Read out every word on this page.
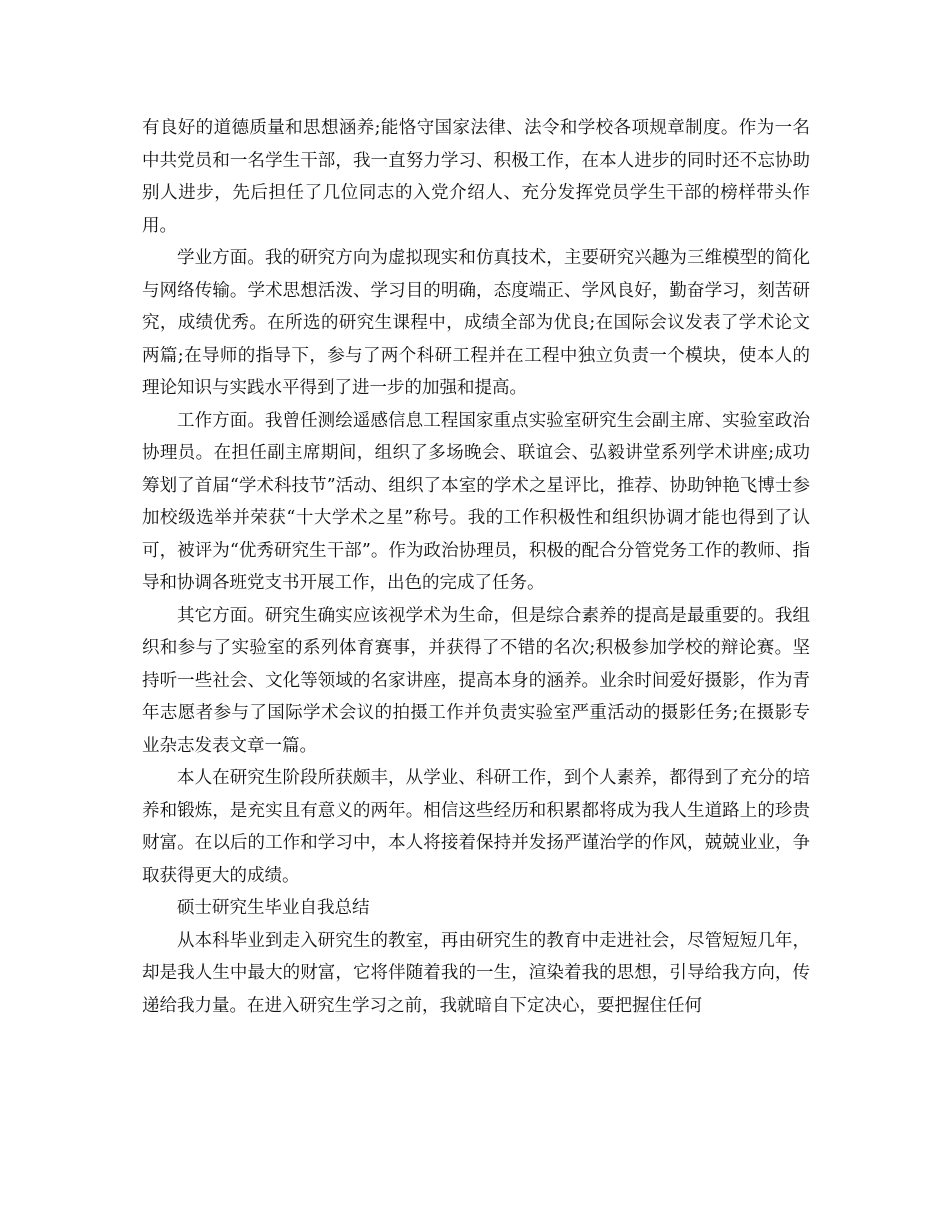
有良好的道德质量和思想涵养;能恪守国家法律、法令和学校各项规章制度。作为一名中共党员和一名学生干部，我一直努力学习、积极工作，在本人进步的同时还不忘协助别人进步，先后担任了几位同志的入党介绍人、充分发挥党员学生干部的榜样带头作用。

学业方面。我的研究方向为虚拟现实和仿真技术，主要研究兴趣为三维模型的简化与网络传输。学术思想活泼、学习目的明确，态度端正、学风良好，勤奋学习，刻苦研究，成绩优秀。在所选的研究生课程中，成绩全部为优良;在国际会议发表了学术论文两篇;在导师的指导下，参与了两个科研工程并在工程中独立负责一个模块，使本人的理论知识与实践水平得到了进一步的加强和提高。

工作方面。我曾任测绘遥感信息工程国家重点实验室研究生会副主席、实验室政治协理员。在担任副主席期间，组织了多场晚会、联谊会、弘毅讲堂系列学术讲座;成功筹划了首届“学术科技节”活动、组织了本室的学术之星评比，推荐、协助钟艳飞博士参加校级选举并荣获“十大学术之星”称号。我的工作积极性和组织协调才能也得到了认可，被评为“优秀研究生干部”。作为政治协理员，积极的配合分管党务工作的教师、指导和协调各班党支书开展工作，出色的完成了任务。

其它方面。研究生确实应该视学术为生命，但是综合素养的提高是最重要的。我组织和参与了实验室的系列体育赛事，并获得了不错的名次;积极参加学校的辩论赛。坚持听一些社会、文化等领域的名家讲座，提高本身的涵养。业余时间爱好摄影，作为青年志愿者参与了国际学术会议的拍摄工作并负责实验室严重活动的摄影任务;在摄影专业杂志发表文章一篇。

本人在研究生阶段所获颇丰，从学业、科研工作，到个人素养，都得到了充分的培养和锻炼，是充实且有意义的两年。相信这些经历和积累都将成为我人生道路上的珍贵财富。在以后的工作和学习中，本人将接着保持并发扬严谨治学的作风，兢兢业业，争取获得更大的成绩。

硕士研究生毕业自我总结

从本科毕业到走入研究生的教室，再由研究生的教育中走进社会，尽管短短几年，却是我人生中最大的财富，它将伴随着我的一生，渲染着我的思想，引导给我方向，传递给我力量。在进入研究生学习之前，我就暗自下定决心，要把握住任何
